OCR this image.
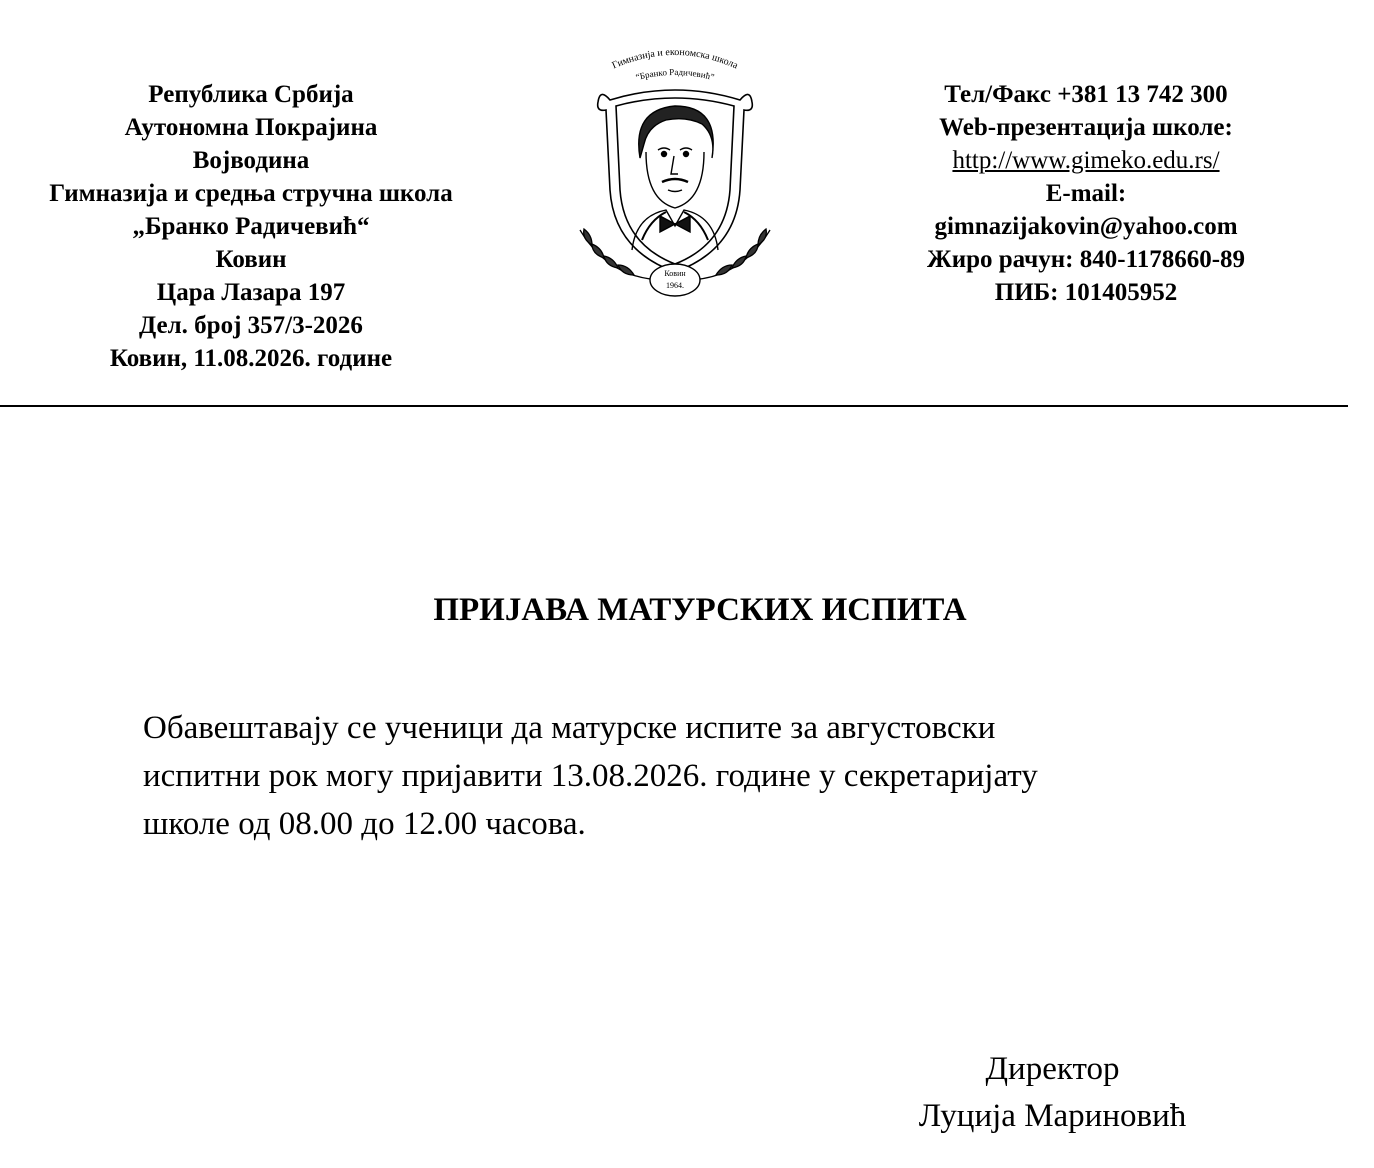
Република Србија
Аутономна Покрајина
Војводина
Гимназија и средња стручна школа
„Бранко Радичевић“
Ковин
Цара Лазара 197
Дел. број 357/3-2026
Ковин, 11.08.2026. године
Гимназија и економска школа
“Бранко Радичевић”
Ковин
1964.
Тел/Факс +381 13 742 300
Web-презентација школе:
http://www.gimeko.edu.rs/
E-mail:
gimnazijakovin@yahoo.com
Жиро рачун: 840-1178660-89
ПИБ: 101405952
ПРИЈАВА МАТУРСКИХ ИСПИТА
Обавештавају се ученици да матурске испите за августовски
испитни рок могу пријавити 13.08.2026. године у секретаријату
школе од 08.00 до 12.00 часова.
Директор
Луција Мариновић
